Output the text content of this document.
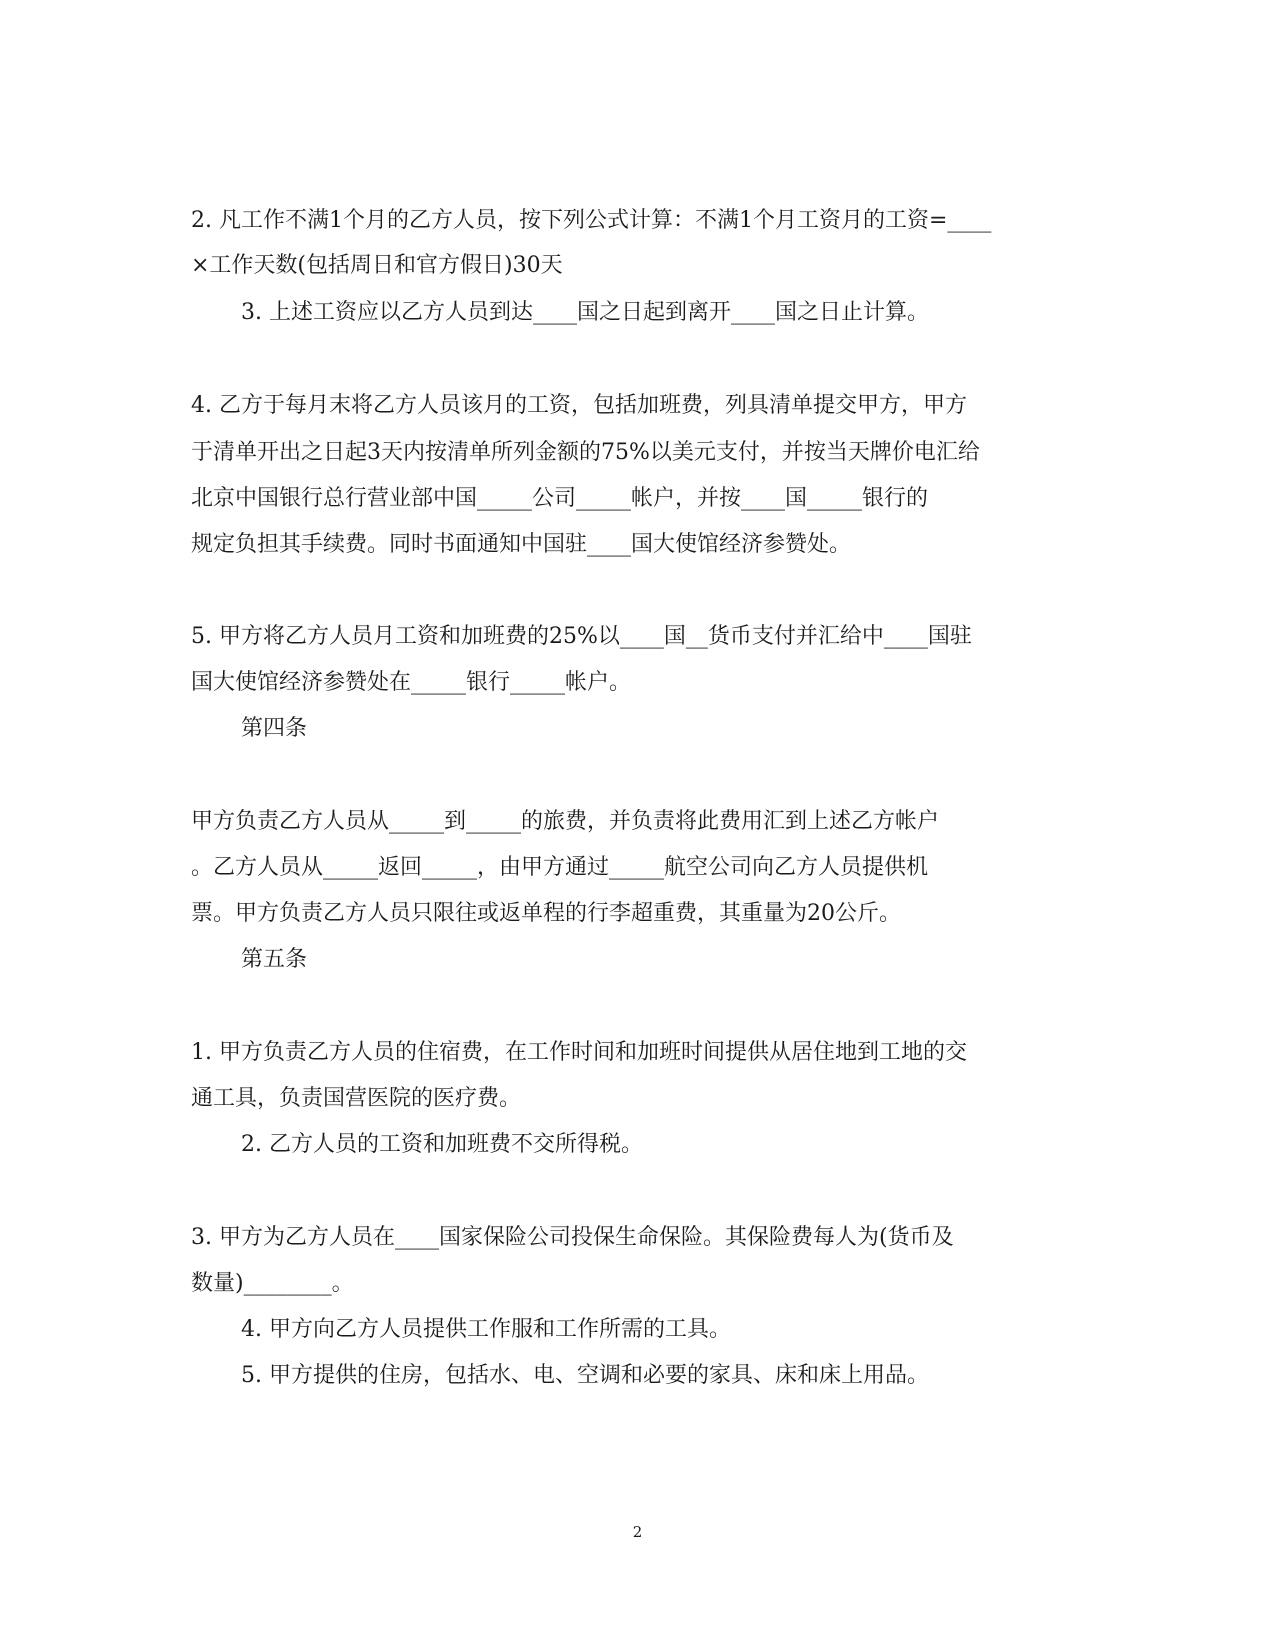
2. 凡工作不满1个月的乙方人员，按下列公式计算：不满1个月工资月的工资=____
×工作天数(包括周日和官方假日)30天
3. 上述工资应以乙方人员到达____国之日起到离开____国之日止计算。
4. 乙方于每月末将乙方人员该月的工资，包括加班费，列具清单提交甲方，甲方
于清单开出之日起3天内按清单所列金额的75%以美元支付，并按当天牌价电汇给
北京中国银行总行营业部中国_____公司_____帐户，并按____国_____银行的
规定负担其手续费。同时书面通知中国驻____国大使馆经济参赞处。
5. 甲方将乙方人员月工资和加班费的25%以____国__货币支付并汇给中____国驻
国大使馆经济参赞处在_____银行_____帐户。
第四条
甲方负责乙方人员从_____到_____的旅费，并负责将此费用汇到上述乙方帐户
。乙方人员从_____返回_____，由甲方通过_____航空公司向乙方人员提供机
票。甲方负责乙方人员只限往或返单程的行李超重费，其重量为20公斤。
第五条
1. 甲方负责乙方人员的住宿费，在工作时间和加班时间提供从居住地到工地的交
通工具，负责国营医院的医疗费。
2. 乙方人员的工资和加班费不交所得税。
3. 甲方为乙方人员在____国家保险公司投保生命保险。其保险费每人为(货币及
数量)________。
4. 甲方向乙方人员提供工作服和工作所需的工具。
5. 甲方提供的住房，包括水、电、空调和必要的家具、床和床上用品。
2
